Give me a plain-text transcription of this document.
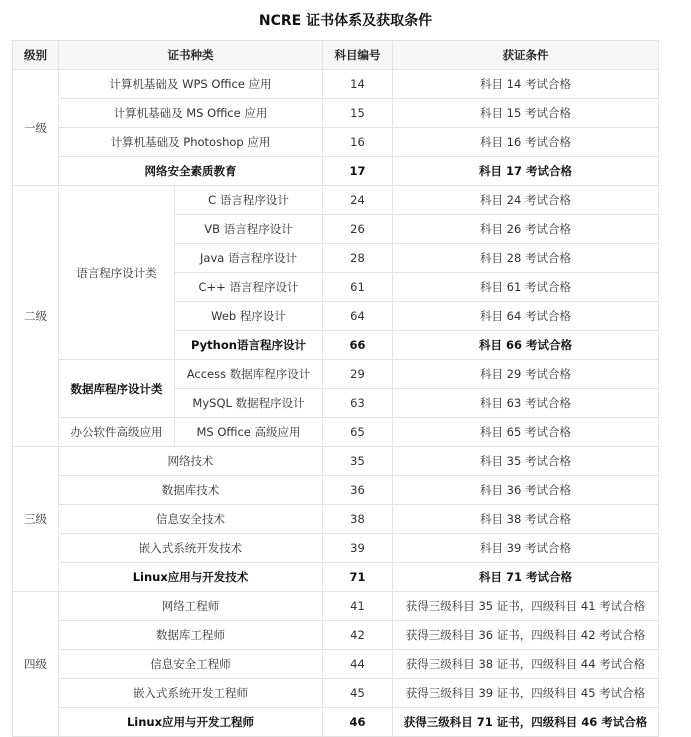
NCRE 证书体系及获取条件
级别	证书种类		科目编号	获证条件
一级	计算机基础及 WPS Office 应用		14	科目 14 考试合格
	计算机基础及 MS Office 应用		15	科目 15 考试合格
	计算机基础及 Photoshop 应用		16	科目 16 考试合格
	网络安全素质教育		17	科目 17 考试合格
二级	语言程序设计类	C 语言程序设计	24	科目 24 考试合格
		VB 语言程序设计	26	科目 26 考试合格
		Java 语言程序设计	28	科目 28 考试合格
		C++ 语言程序设计	61	科目 61 考试合格
		Web 程序设计	64	科目 64 考试合格
		Python语言程序设计	66	科目 66 考试合格
	数据库程序设计类	Access 数据库程序设计	29	科目 29 考试合格
		MySQL 数据程序设计	63	科目 63 考试合格
	办公软件高级应用	MS Office 高级应用	65	科目 65 考试合格
三级	网络技术		35	科目 35 考试合格
	数据库技术		36	科目 36 考试合格
	信息安全技术		38	科目 38 考试合格
	嵌入式系统开发技术		39	科目 39 考试合格
	Linux应用与开发技术		71	科目 71 考试合格
四级	网络工程师		41	获得三级科目 35 证书，四级科目 41 考试合格
	数据库工程师		42	获得三级科目 36 证书，四级科目 42 考试合格
	信息安全工程师		44	获得三级科目 38 证书，四级科目 44 考试合格
	嵌入式系统开发工程师		45	获得三级科目 39 证书，四级科目 45 考试合格
	Linux应用与开发工程师		46	获得三级科目 71 证书，四级科目 46 考试合格
